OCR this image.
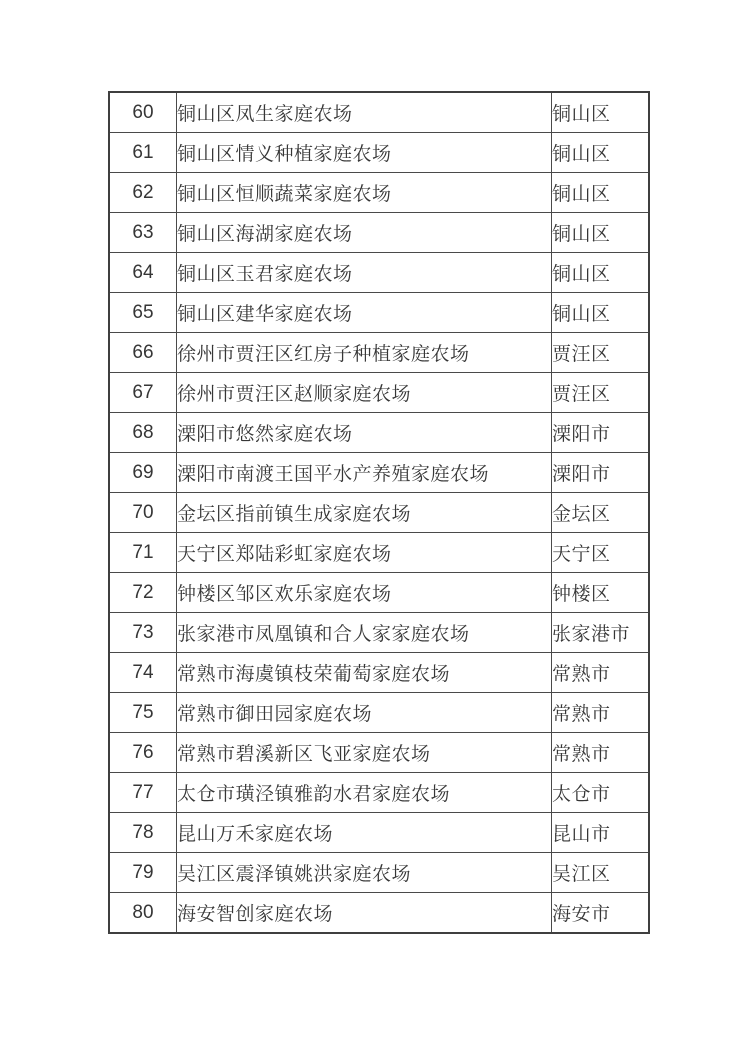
60	铜山区凤生家庭农场	铜山区
61	铜山区情义种植家庭农场	铜山区
62	铜山区恒顺蔬菜家庭农场	铜山区
63	铜山区海湖家庭农场	铜山区
64	铜山区玉君家庭农场	铜山区
65	铜山区建华家庭农场	铜山区
66	徐州市贾汪区红房子种植家庭农场	贾汪区
67	徐州市贾汪区赵顺家庭农场	贾汪区
68	溧阳市悠然家庭农场	溧阳市
69	溧阳市南渡王国平水产养殖家庭农场	溧阳市
70	金坛区指前镇生成家庭农场	金坛区
71	天宁区郑陆彩虹家庭农场	天宁区
72	钟楼区邹区欢乐家庭农场	钟楼区
73	张家港市凤凰镇和合人家家庭农场	张家港市
74	常熟市海虞镇枝荣葡萄家庭农场	常熟市
75	常熟市御田园家庭农场	常熟市
76	常熟市碧溪新区飞亚家庭农场	常熟市
77	太仓市璜泾镇雅韵水君家庭农场	太仓市
78	昆山万禾家庭农场	昆山市
79	吴江区震泽镇姚洪家庭农场	吴江区
80	海安智创家庭农场	海安市
